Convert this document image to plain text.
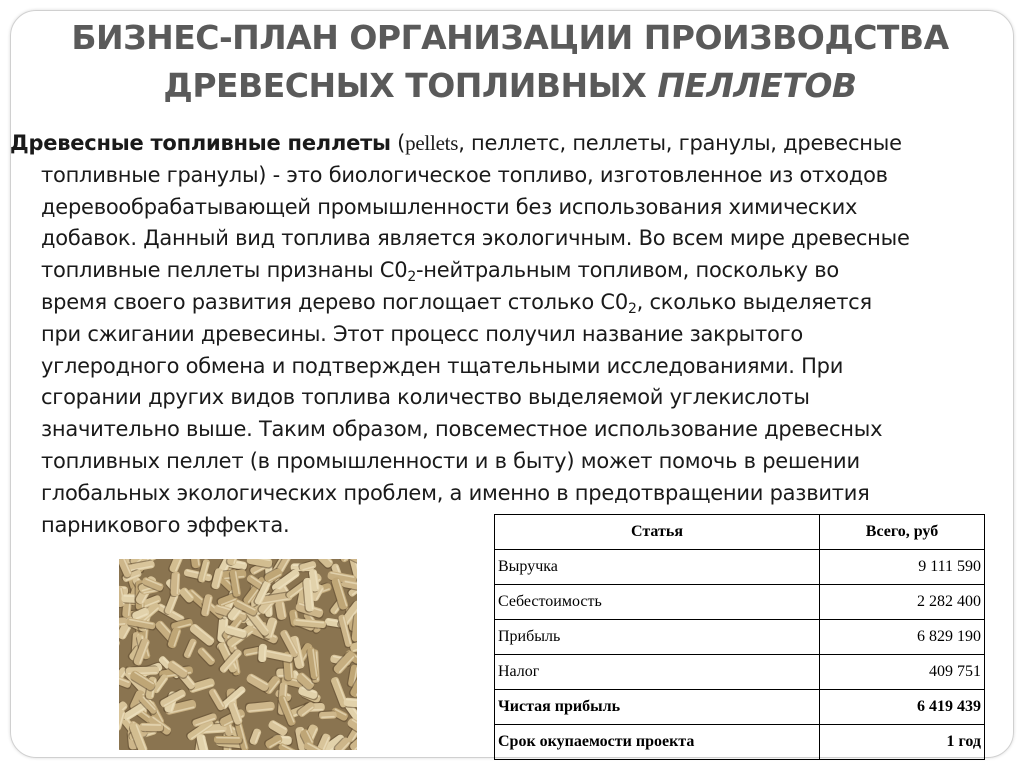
БИЗНЕС-ПЛАН ОРГАНИЗАЦИИ ПРОИЗВОДСТВА
ДРЕВЕСНЫХ ТОПЛИВНЫХ ПЕЛЛЕТОВ
Древесные топливные пеллеты (pellets, пеллетс, пеллеты, гранулы, древесные
топливные гранулы) - это биологическое топливо, изготовленное из отходов
деревообрабатывающей промышленности без использования химических
добавок. Данный вид топлива является экологичным. Во всем мире древесные
топливные пеллеты признаны $С0_2$-нейтральным топливом, поскольку во
время своего развития дерево поглощает столько $С0_2$, сколько выделяется
при сжигании древесины. Этот процесс получил название закрытого
углеродного обмена и подтвержден тщательными исследованиями. При
сгорании других видов топлива количество выделяемой углекислоты
значительно выше. Таким образом, повсеместное использование древесных
топливных пеллет (в промышленности и в быту) может помочь в решении
глобальных экологических проблем, а именно в предотвращении развития
парникового эффекта.	Статья	Всего, руб
Выручка	9 111 590
Себестоимость	2 282 400
Прибыль	6 829 190
Налог	409 751
Чистая прибыль	6 419 439
Срок окупаемости проекта	1 год
